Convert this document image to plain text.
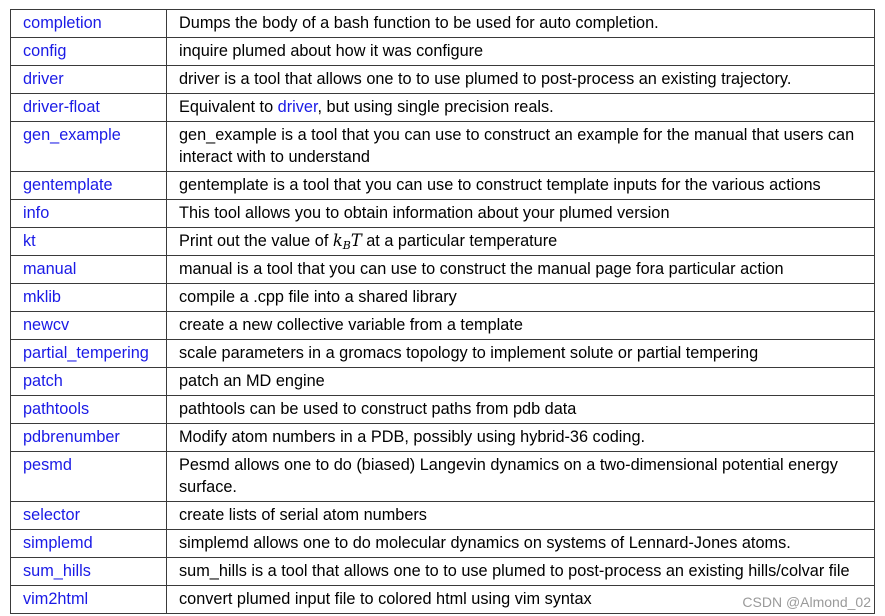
completion	Dumps the body of a bash function to be used for auto completion.
config	inquire plumed about how it was configure
driver	driver is a tool that allows one to to use plumed to post-process an existing trajectory.
driver-float	Equivalent to driver, but using single precision reals.
gen_example	gen_example is a tool that you can use to construct an example for the manual that users can interact with to understand
gentemplate	gentemplate is a tool that you can use to construct template inputs for the various actions
info	This tool allows you to obtain information about your plumed version
kt	Print out the value of $k_BT$ at a particular temperature
manual	manual is a tool that you can use to construct the manual page fora particular action
mklib	compile a .cpp file into a shared library
newcv	create a new collective variable from a template
partial_tempering	scale parameters in a gromacs topology to implement solute or partial tempering
patch	patch an MD engine
pathtools	pathtools can be used to construct paths from pdb data
pdbrenumber	Modify atom numbers in a PDB, possibly using hybrid-36 coding.
pesmd	Pesmd allows one to do (biased) Langevin dynamics on a two-dimensional potential energy surface.
selector	create lists of serial atom numbers
simplemd	simplemd allows one to do molecular dynamics on systems of Lennard-Jones atoms.
sum_hills	sum_hills is a tool that allows one to to use plumed to post-process an existing hills/colvar file
vim2html	convert plumed input file to colored html using vim syntax	CSDN @Almond_02
